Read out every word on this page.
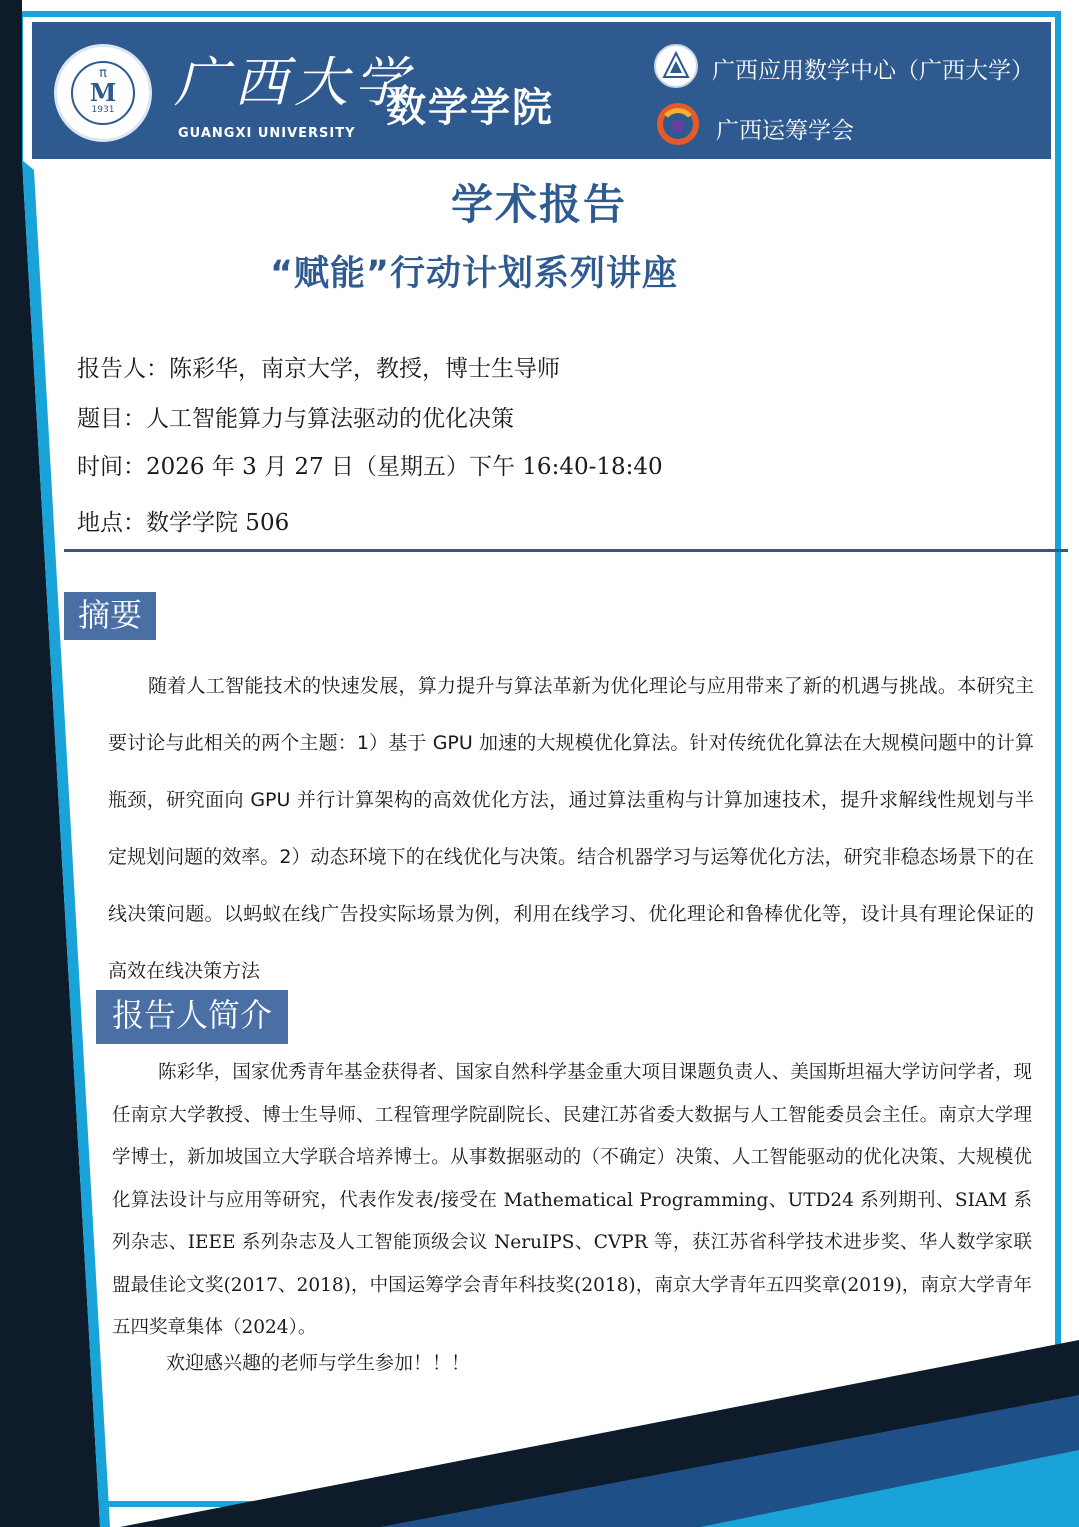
π
M
1931	广西大学
GUANGXI UNIVERSITY
数学学院
广西应用数学中心（广西大学）
广西运筹学会
学术报告
“赋能”行动计划系列讲座
报告人：陈彩华，南京大学，教授，博士生导师
题目：人工智能算力与算法驱动的优化决策
时间：2026 年 3 月 27 日（星期五）下午 16:40-18:40
地点：数学学院 506
摘要
随着人工智能技术的快速发展，算力提升与算法革新为优化理论与应用带来了新的机遇与挑战。本研究主要讨论与此相关的两个主题：1）基于 GPU 加速的大规模优化算法。针对传统优化算法在大规模问题中的计算瓶颈，研究面向 GPU 并行计算架构的高效优化方法，通过算法重构与计算加速技术，提升求解线性规划与半定规划问题的效率。2）动态环境下的在线优化与决策。结合机器学习与运筹优化方法，研究非稳态场景下的在线决策问题。以蚂蚁在线广告投实际场景为例，利用在线学习、优化理论和鲁棒优化等，设计具有理论保证的高效在线决策方法
报告人简介
陈彩华，国家优秀青年基金获得者、国家自然科学基金重大项目课题负责人、美国斯坦福大学访问学者，现任南京大学教授、博士生导师、工程管理学院副院长、民建江苏省委大数据与人工智能委员会主任。南京大学理学博士，新加坡国立大学联合培养博士。从事数据驱动的（不确定）决策、人工智能驱动的优化决策、大规模优化算法设计与应用等研究，代表作发表/接受在 Mathematical Programming、UTD24 系列期刊、SIAM 系列杂志、IEEE 系列杂志及人工智能顶级会议 NeruIPS、CVPR 等，获江苏省科学技术进步奖、华人数学家联盟最佳论文奖(2017、2018)，中国运筹学会青年科技奖(2018)，南京大学青年五四奖章(2019)，南京大学青年五四奖章集体（2024）。
欢迎感兴趣的老师与学生参加！！！
